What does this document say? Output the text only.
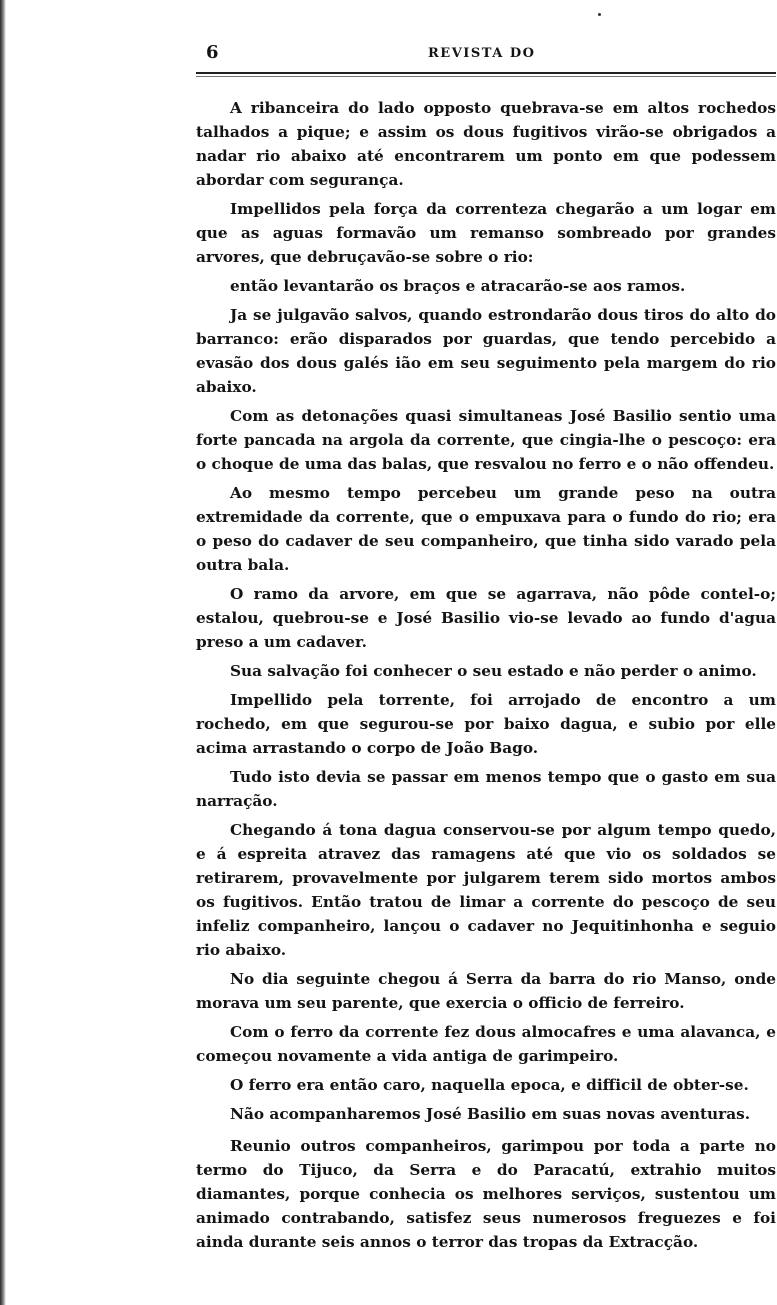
6	REVISTA DO

A ribanceira do lado opposto quebrava-se em altos rochedos talhados a pique; e assim os dous fugitivos virão-se obrigados a nadar rio abaixo até encontrarem um ponto em que podessem abordar com segurança.

Impellidos pela força da correnteza chegarão a um logar em que as aguas formavão um remanso sombreado por grandes arvores, que debruçavão-se sobre o rio:

então levantarão os braços e atracarão-se aos ramos.

Ja se julgavão salvos, quando estrondarão dous tiros do alto do barranco: erão disparados por guardas, que tendo percebido a evasão dos dous galés ião em seu seguimento pela margem do rio abaixo.

Com as detonações quasi simultaneas José Basilio sentio uma forte pancada na argola da corrente, que cingia-lhe o pescoço: era o choque de uma das balas, que resvalou no ferro e o não offendeu.

Ao mesmo tempo percebeu um grande peso na outra extremidade da corrente, que o empuxava para o fundo do rio; era o peso do cadaver de seu companheiro, que tinha sido varado pela outra bala.

O ramo da arvore, em que se agarrava, não pôde contel-o; estalou, quebrou-se e José Basilio vio-se levado ao fundo d'agua preso a um cadaver.

Sua salvação foi conhecer o seu estado e não perder o animo.

Impellido pela torrente, foi arrojado de encontro a um rochedo, em que segurou-se por baixo dagua, e subio por elle acima arrastando o corpo de João Bago.

Tudo isto devia se passar em menos tempo que o gasto em sua narração.

Chegando á tona dagua conservou-se por algum tempo quedo, e á espreita atravez das ramagens até que vio os soldados se retirarem, provavelmente por julgarem terem sido mortos ambos os fugitivos. Então tratou de limar a corrente do pescoço de seu infeliz companheiro, lançou o cadaver no Jequitinhonha e seguio rio abaixo.

No dia seguinte chegou á Serra da barra do rio Manso, onde morava um seu parente, que exercia o officio de ferreiro.

Com o ferro da corrente fez dous almocafres e uma alavanca, e começou novamente a vida antiga de garimpeiro.

O ferro era então caro, naquella epoca, e difficil de obter-se.

Não acompanharemos José Basilio em suas novas aventuras.

Reunio outros companheiros, garimpou por toda a parte no termo do Tijuco, da Serra e do Paracatú, extrahio muitos diamantes, porque conhecia os melhores serviços, sustentou um animado contrabando, satisfez seus numerosos freguezes e foi ainda durante seis annos o terror das tropas da Extracção.
